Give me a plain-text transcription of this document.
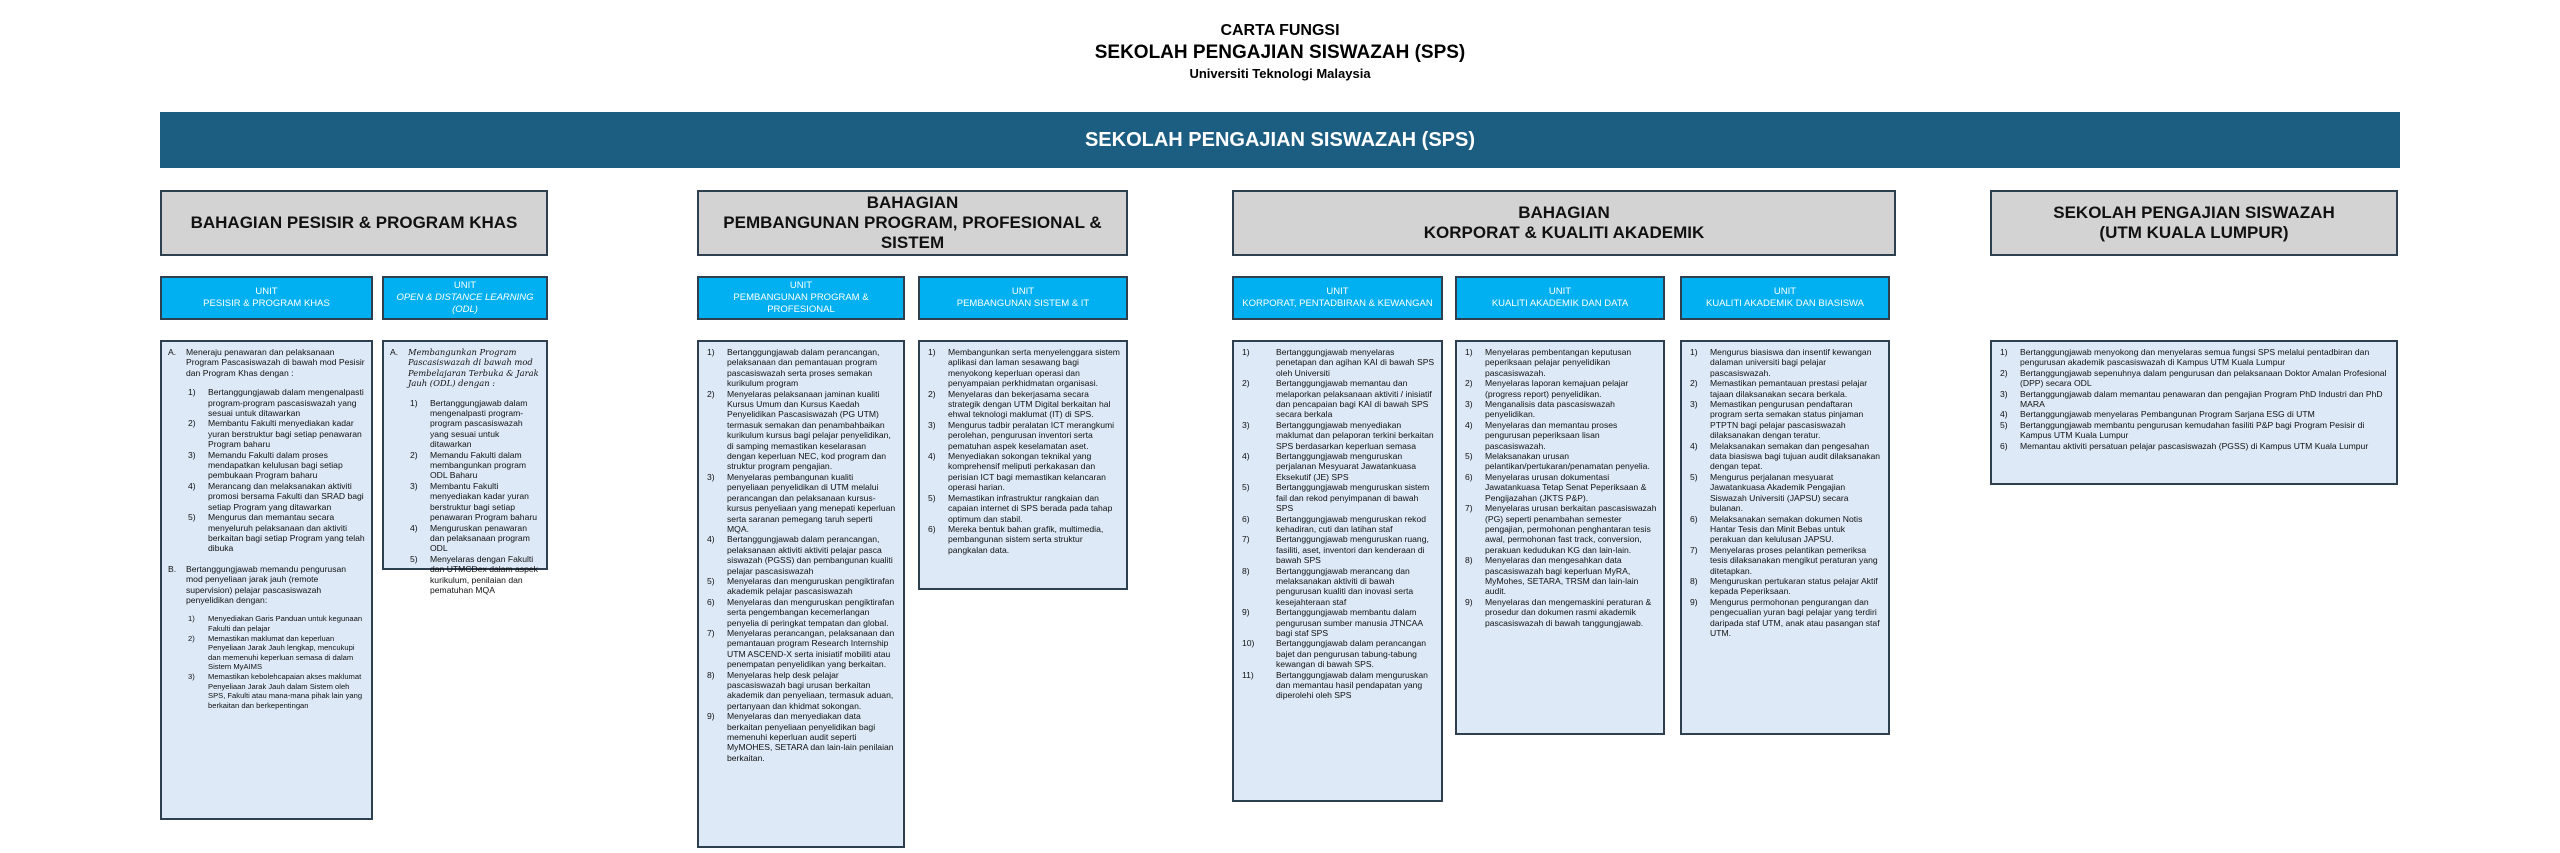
CARTA FUNGSI
SEKOLAH PENGAJIAN SISWAZAH (SPS)
Universiti Teknologi Malaysia
SEKOLAH PENGAJIAN SISWAZAH (SPS)
BAHAGIAN PESISIR & PROGRAM KHAS
UNIT
PESISIR & PROGRAM KHAS
A.	Meneraju penawaran dan pelaksanaan Program Pascasiswazah di bawah mod Pesisir dan Program Khas dengan :
1)	Bertanggungjawab dalam mengenalpasti program-program pascasiswazah yang sesuai untuk ditawarkan
2)	Membantu Fakulti menyediakan kadar yuran berstruktur bagi setiap penawaran Program baharu
3)	Memandu Fakulti dalam proses mendapatkan kelulusan bagi setiap pembukaan Program baharu
4)	Merancang dan melaksanakan aktiviti promosi bersama Fakulti dan SRAD bagi setiap Program yang ditawarkan
5)	Mengurus dan memantau secara menyeluruh pelaksanaan dan aktiviti berkaitan bagi setiap Program yang telah dibuka
B.	Bertanggungjawab memandu pengurusan mod penyeliaan jarak jauh (remote supervision) pelajar pascasiswazah penyelidikan dengan:
1)	Menyediakan Garis Panduan untuk kegunaan Fakulti dan pelajar
2)	Memastikan maklumat dan keperluan Penyeliaan Jarak Jauh lengkap, mencukupi dan memenuhi keperluan semasa di dalam Sistem MyAIMS
3)	Memastikan kebolehcapaian akses maklumat Penyeliaan Jarak Jauh dalam Sistem oleh SPS, Fakulti atau mana-mana pihak lain yang berkaitan dan berkepentingan
UNIT
OPEN & DISTANCE LEARNING (ODL)
A.	Membangunkan Program Pascasiswazah di bawah mod Pembelajaran Terbuka & Jarak Jauh (ODL) dengan :
1)	Bertanggungjawab dalam mengenalpasti program-program pascasiswazah yang sesuai untuk ditawarkan
2)	Memandu Fakulti dalam membangunkan program ODL Baharu
3)	Membantu Fakulti menyediakan kadar yuran berstruktur bagi setiap penawaran Program baharu
4)	Menguruskan penawaran dan pelaksanaan program ODL
5)	Menyelaras dengan Fakulti dan UTMCDex dalam aspek kurikulum, penilaian dan pematuhan MQA
BAHAGIAN
PEMBANGUNAN PROGRAM, PROFESIONAL &
SISTEM
UNIT
PEMBANGUNAN PROGRAM &
PROFESIONAL
1)	Bertanggungjawab dalam perancangan, pelaksanaan dan pemantauan program pascasiswazah serta proses semakan kurikulum program
2)	Menyelaras pelaksanaan jaminan kualiti Kursus Umum dan Kursus Kaedah Penyelidikan Pascasiswazah (PG UTM) termasuk semakan dan penambahbaikan kurikulum kursus bagi pelajar penyelidikan, di samping memastikan keselarasan dengan keperluan NEC, kod program dan struktur program pengajian.
3)	Menyelaras pembangunan kualiti penyeliaan penyelidikan di UTM melalui perancangan dan pelaksanaan kursus-kursus penyeliaan yang menepati keperluan serta saranan pemegang taruh seperti MQA.
4)	Bertanggungjawab dalam perancangan, pelaksanaan aktiviti aktiviti pelajar pasca siswazah (PGSS) dan pembangunan kualiti pelajar pascasiswazah
5)	Menyelaras dan menguruskan pengiktirafan akademik pelajar pascasiswazah
6)	Menyelaras dan menguruskan pengiktirafan serta pengembangan kecemerlangan penyelia di peringkat tempatan dan global.
7)	Menyelaras perancangan, pelaksanaan dan pemantauan program Research Internship UTM ASCEND-X serta inisiatif mobiliti atau penempatan penyelidikan yang berkaitan.
8)	Menyelaras help desk pelajar pascasiswazah bagi urusan berkaitan akademik dan penyeliaan, termasuk aduan, pertanyaan dan khidmat sokongan.
9)	Menyelaras dan menyediakan data berkaitan penyeliaan penyelidikan bagi memenuhi keperluan audit seperti MyMOHES, SETARA dan lain-lain penilaian berkaitan.
UNIT
PEMBANGUNAN SISTEM & IT
1)	Membangunkan serta menyelenggara sistem aplikasi dan laman sesawang bagi menyokong keperluan operasi dan penyampaian perkhidmatan organisasi.
2)	Menyelaras dan bekerjasama secara strategik dengan UTM Digital berkaitan hal ehwal teknologi maklumat (IT) di SPS.
3)	Mengurus tadbir peralatan ICT merangkumi perolehan, pengurusan inventori serta pematuhan aspek keselamatan aset.
4)	Menyediakan sokongan teknikal yang komprehensif meliputi perkakasan dan perisian ICT bagi memastikan kelancaran operasi harian.
5)	Memastikan infrastruktur rangkaian dan capaian internet di SPS berada pada tahap optimum dan stabil.
6)	Mereka bentuk bahan grafik, multimedia, pembangunan sistem serta struktur pangkalan data.
BAHAGIAN
KORPORAT & KUALITI AKADEMIK
UNIT
KORPORAT, PENTADBIRAN & KEWANGAN
1)	Bertanggungjawab menyelaras penetapan dan agihan KAI di bawah SPS oleh Universiti
2)	Bertanggungjawab memantau dan melaporkan pelaksanaan aktiviti / inisiatif dan pencapaian bagi KAI di bawah SPS secara berkala
3)	Bertanggungjawab menyediakan maklumat dan pelaporan terkini berkaitan SPS berdasarkan keperluan semasa
4)	Bertanggungjawab menguruskan perjalanan Mesyuarat Jawatankuasa Eksekutif (JE) SPS
5)	Bertanggungjawab menguruskan sistem fail dan rekod penyimpanan di bawah SPS
6)	Bertanggungjawab menguruskan rekod kehadiran, cuti dan latihan staf
7)	Bertanggungjawab menguruskan ruang, fasiliti, aset, inventori dan kenderaan di bawah SPS
8)	Bertanggungjawab merancang dan melaksanakan aktiviti di bawah pengurusan kualiti dan inovasi serta kesejahteraan staf
9)	Bertanggungjawab membantu dalam pengurusan sumber manusia JTNCAA bagi staf SPS
10)	Bertanggungjawab dalam perancangan bajet dan pengurusan tabung-tabung kewangan di bawah SPS.
11)	Bertanggungjawab dalam menguruskan dan memantau hasil pendapatan yang diperolehi oleh SPS
UNIT
KUALITI AKADEMIK DAN DATA
1)	Menyelaras pembentangan keputusan peperiksaan pelajar penyelidikan pascasiswazah.
2)	Menyelaras laporan kemajuan pelajar (progress report) penyelidikan.
3)	Menganalisis data pascasiswazah penyelidikan.
4)	Menyelaras dan memantau proses pengurusan peperiksaan lisan pascasiswazah.
5)	Melaksanakan urusan pelantikan/pertukaran/penamatan penyelia.
6)	Menyelaras urusan dokumentasi Jawatankuasa Tetap Senat Peperiksaan & Pengijazahan (JKTS P&P).
7)	Menyelaras urusan berkaitan pascasiswazah (PG) seperti penambahan semester pengajian, permohonan penghantaran tesis awal, permohonan fast track, conversion, perakuan kedudukan KG dan lain-lain.
8)	Menyelaras dan mengesahkan data pascasiswazah bagi keperluan MyRA, MyMohes, SETARA, TRSM dan lain-lain audit.
9)	Menyelaras dan mengemaskini peraturan & prosedur dan dokumen rasmi akademik pascasiswazah di bawah tanggungjawab.
UNIT
KUALITI AKADEMIK DAN BIASISWA
1)	Mengurus biasiswa dan insentif kewangan dalaman universiti bagi pelajar pascasiswazah.
2)	Memastikan pemantauan prestasi pelajar tajaan dilaksanakan secara berkala.
3)	Memastikan pengurusan pendaftaran program serta semakan status pinjaman PTPTN bagi pelajar pascasiswazah dilaksanakan dengan teratur.
4)	Melaksanakan semakan dan pengesahan data biasiswa bagi tujuan audit dilaksanakan dengan tepat.
5)	Mengurus perjalanan mesyuarat Jawatankuasa Akademik Pengajian Siswazah Universiti (JAPSU) secara bulanan.
6)	Melaksanakan semakan dokumen Notis Hantar Tesis dan Minit Bebas untuk perakuan dan kelulusan JAPSU.
7)	Menyelaras proses pelantikan pemeriksa tesis dilaksanakan mengikut peraturan yang ditetapkan.
8)	Menguruskan pertukaran status pelajar Aktif kepada Peperiksaan.
9)	Mengurus permohonan pengurangan dan pengecualian yuran bagi pelajar yang terdiri daripada staf UTM, anak atau pasangan staf UTM.
SEKOLAH PENGAJIAN SISWAZAH
(UTM KUALA LUMPUR)
1)	Bertanggungjawab menyokong dan menyelaras semua fungsi SPS melalui pentadbiran dan pengurusan akademik pascasiswazah di Kampus UTM Kuala Lumpur
2)	Bertanggungjawab sepenuhnya dalam pengurusan dan pelaksanaan Doktor Amalan Profesional (DPP) secara ODL
3)	Bertanggungjawab dalam memantau penawaran dan pengajian Program PhD Industri dan PhD MARA
4)	Bertanggungjawab menyelaras Pembangunan Program Sarjana ESG di UTM
5)	Bertanggungjawab membantu pengurusan kemudahan fasiliti P&P bagi Program Pesisir di Kampus UTM Kuala Lumpur
6)	Memantau aktiviti persatuan pelajar pascasiswazah (PGSS) di Kampus UTM Kuala Lumpur
